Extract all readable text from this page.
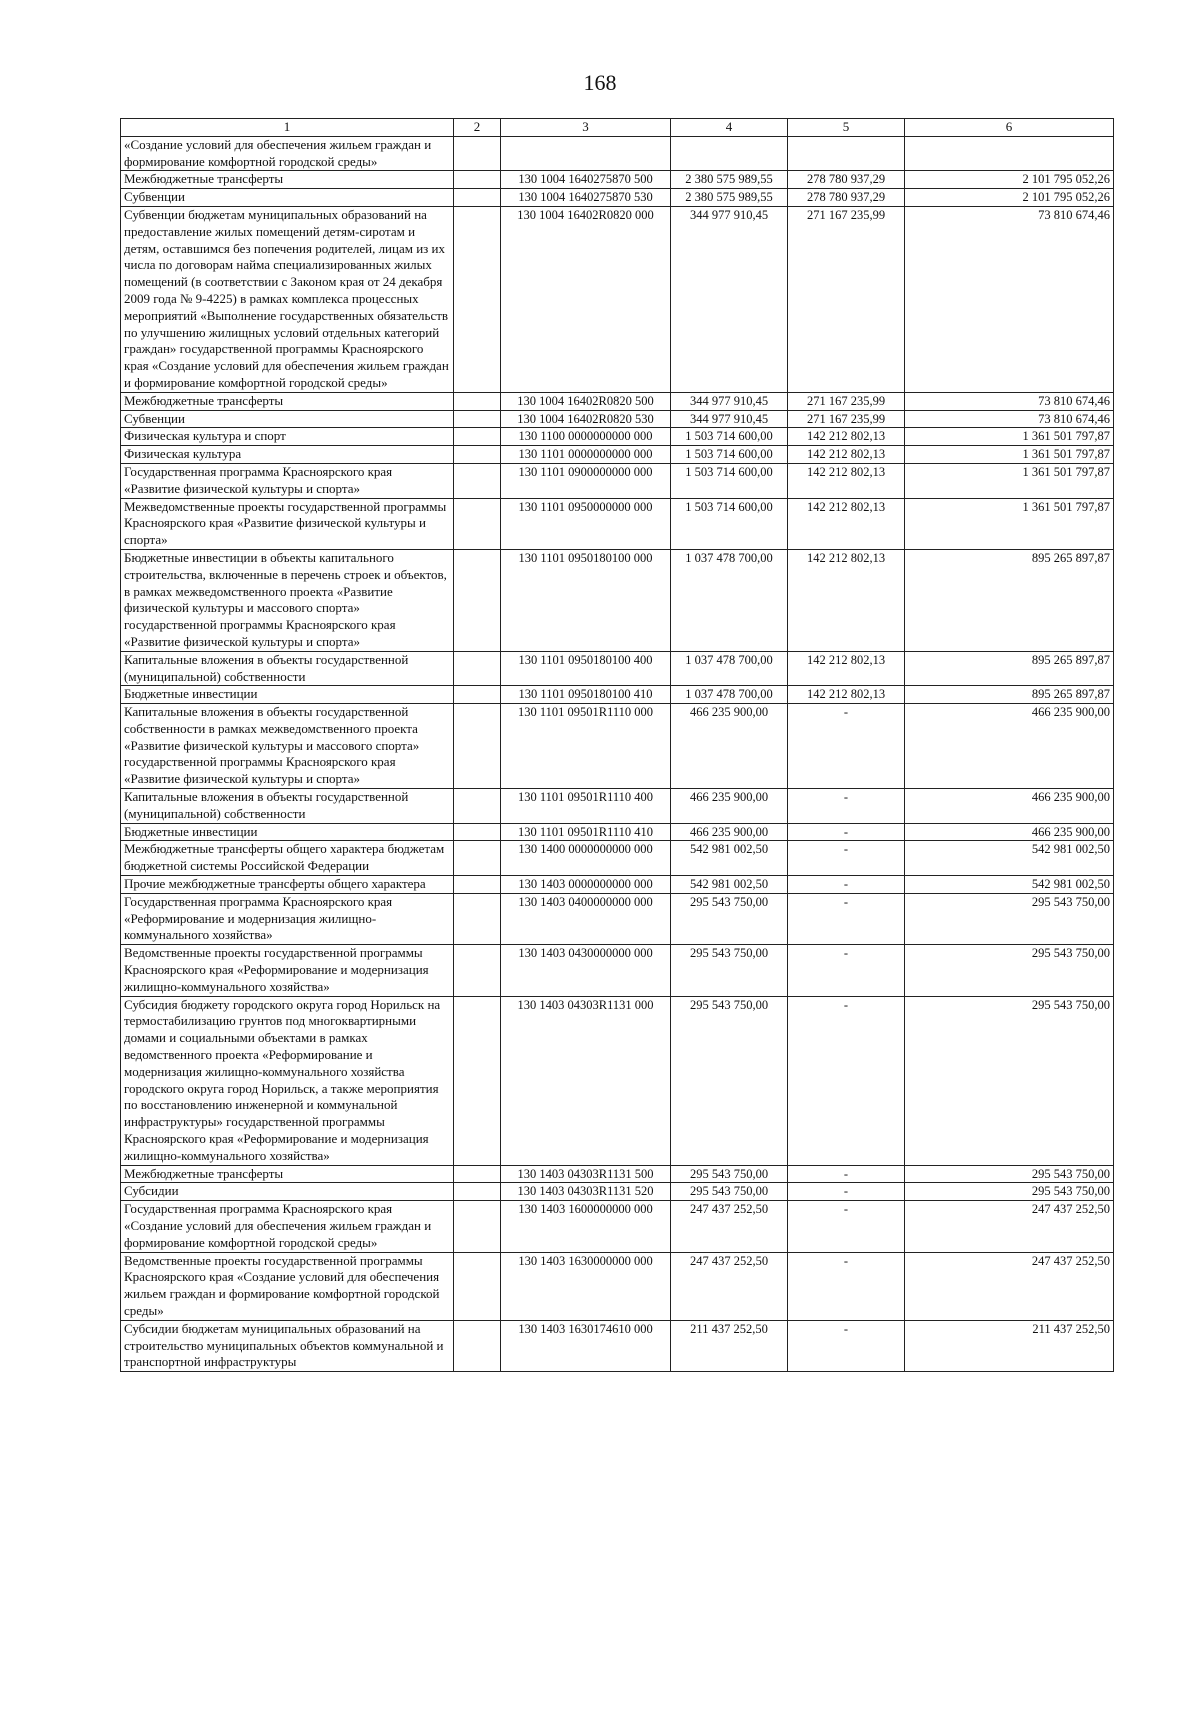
168
1	2	3	4	5	6
«Создание условий для обеспечения жильем граждан и формирование комфортной городской среды»					
Межбюджетные трансферты		130 1004 1640275870 500	2 380 575 989,55	278 780 937,29	2 101 795 052,26
Субвенции		130 1004 1640275870 530	2 380 575 989,55	278 780 937,29	2 101 795 052,26
Субвенции бюджетам муниципальных образований на предоставление жилых помещений детям-сиротам и детям, оставшимся без попечения родителей, лицам из их числа по договорам найма специализированных жилых помещений (в соответствии с Законом края от 24 декабря 2009 года № 9-4225) в рамках комплекса процессных мероприятий «Выполнение государственных обязательств по улучшению жилищных условий отдельных категорий граждан» государственной программы Красноярского края «Создание условий для обеспечения жильем граждан и формирование комфортной городской среды»		130 1004 16402R0820 000	344 977 910,45	271 167 235,99	73 810 674,46
Межбюджетные трансферты		130 1004 16402R0820 500	344 977 910,45	271 167 235,99	73 810 674,46
Субвенции		130 1004 16402R0820 530	344 977 910,45	271 167 235,99	73 810 674,46
Физическая культура и спорт		130 1100 0000000000 000	1 503 714 600,00	142 212 802,13	1 361 501 797,87
Физическая культура		130 1101 0000000000 000	1 503 714 600,00	142 212 802,13	1 361 501 797,87
Государственная программа Красноярского края «Развитие физической культуры и спорта»		130 1101 0900000000 000	1 503 714 600,00	142 212 802,13	1 361 501 797,87
Межведомственные проекты государственной программы Красноярского края «Развитие физической культуры и спорта»		130 1101 0950000000 000	1 503 714 600,00	142 212 802,13	1 361 501 797,87
Бюджетные инвестиции в объекты капитального строительства, включенные в перечень строек и объектов, в рамках межведомственного проекта «Развитие физической культуры и массового спорта» государственной программы Красноярского края «Развитие физической культуры и спорта»		130 1101 0950180100 000	1 037 478 700,00	142 212 802,13	895 265 897,87
Капитальные вложения в объекты государственной (муниципальной) собственности		130 1101 0950180100 400	1 037 478 700,00	142 212 802,13	895 265 897,87
Бюджетные инвестиции		130 1101 0950180100 410	1 037 478 700,00	142 212 802,13	895 265 897,87
Капитальные вложения в объекты государственной собственности в рамках межведомственного проекта «Развитие физической культуры и массового спорта» государственной программы Красноярского края «Развитие физической культуры и спорта»		130 1101 09501R1110 000	466 235 900,00	-	466 235 900,00
Капитальные вложения в объекты государственной (муниципальной) собственности		130 1101 09501R1110 400	466 235 900,00	-	466 235 900,00
Бюджетные инвестиции		130 1101 09501R1110 410	466 235 900,00	-	466 235 900,00
Межбюджетные трансферты общего характера бюджетам бюджетной системы Российской Федерации		130 1400 0000000000 000	542 981 002,50	-	542 981 002,50
Прочие межбюджетные трансферты общего характера		130 1403 0000000000 000	542 981 002,50	-	542 981 002,50
Государственная программа Красноярского края «Реформирование и модернизация жилищно-коммунального хозяйства»		130 1403 0400000000 000	295 543 750,00	-	295 543 750,00
Ведомственные проекты государственной программы Красноярского края «Реформирование и модернизация жилищно-коммунального хозяйства»		130 1403 0430000000 000	295 543 750,00	-	295 543 750,00
Субсидия бюджету городского округа город Норильск на термостабилизацию грунтов под многоквартирными домами и социальными объектами в рамках ведомственного проекта «Реформирование и модернизация жилищно-коммунального хозяйства городского округа город Норильск, а также мероприятия по восстановлению инженерной и коммунальной инфраструктуры» государственной программы Красноярского края «Реформирование и модернизация жилищно-коммунального хозяйства»		130 1403 04303R1131 000	295 543 750,00	-	295 543 750,00
Межбюджетные трансферты		130 1403 04303R1131 500	295 543 750,00	-	295 543 750,00
Субсидии		130 1403 04303R1131 520	295 543 750,00	-	295 543 750,00
Государственная программа Красноярского края «Создание условий для обеспечения жильем граждан и формирование комфортной городской среды»		130 1403 1600000000 000	247 437 252,50	-	247 437 252,50
Ведомственные проекты государственной программы Красноярского края «Создание условий для обеспечения жильем граждан и формирование комфортной городской среды»		130 1403 1630000000 000	247 437 252,50	-	247 437 252,50
Субсидии бюджетам муниципальных образований на строительство муниципальных объектов коммунальной и транспортной инфраструктуры		130 1403 1630174610 000	211 437 252,50	-	211 437 252,50
